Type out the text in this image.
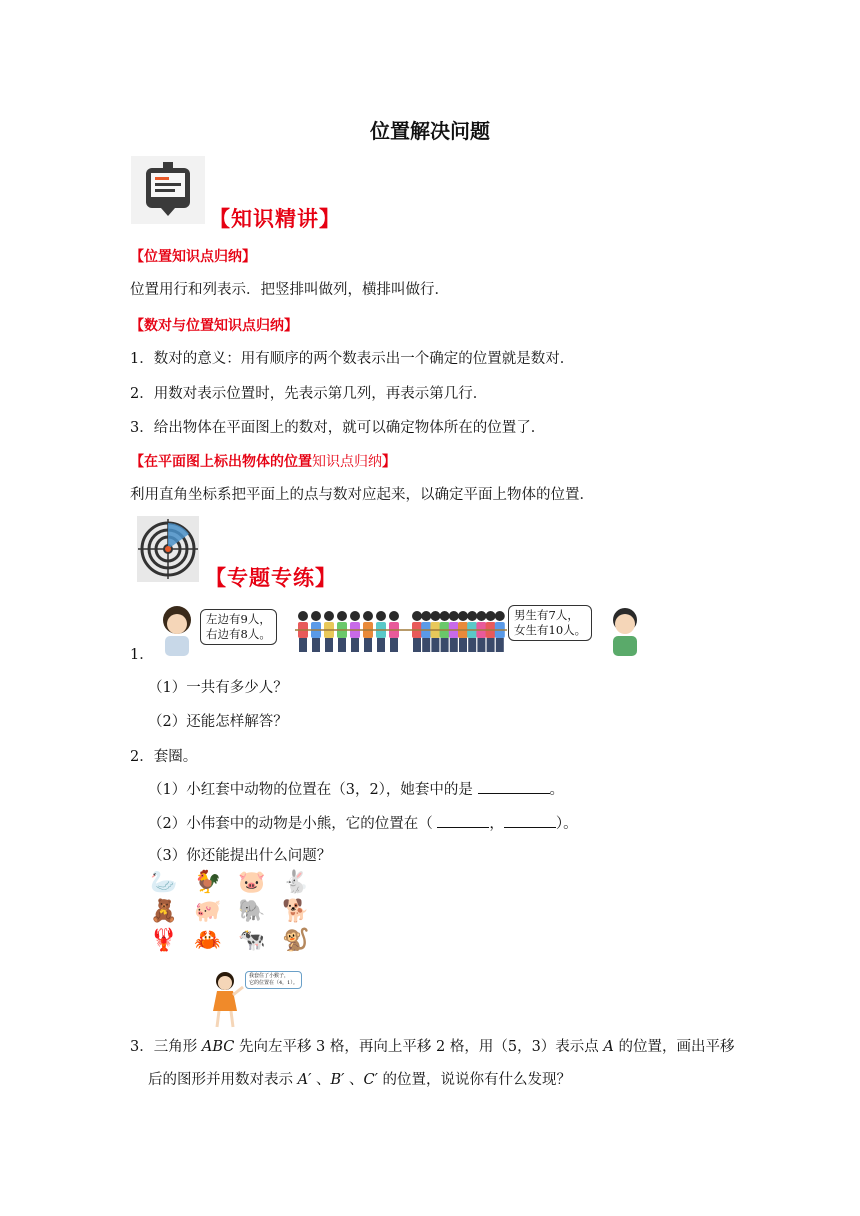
位置解决问题
【知识精讲】
【位置知识点归纳】
位置用行和列表示．把竖排叫做列，横排叫做行．
【数对与位置知识点归纳】
1．数对的意义：用有顺序的两个数表示出一个确定的位置就是数对．
2．用数对表示位置时，先表示第几列，再表示第几行．
3．给出物体在平面图上的数对，就可以确定物体所在的位置了．
【在平面图上标出物体的位置知识点归纳】
利用直角坐标系把平面上的点与数对应起来，以确定平面上物体的位置．
【专题专练】
1．
左边有9人，
右边有8人。
男生有7人，
女生有10人。
（1）一共有多少人？
（2）还能怎样解答？
2．套圈。
（1）小红套中动物的位置在（3，2），她套中的是	。
（2）小伟套中的动物是小熊，它的位置在（	，	）。
（3）你还能提出什么问题？
🦢 🐓 🐷 🐇
🧸 🐖 🐘 🐕
🦞 🦀 🐄 🐒
我套住了小猴子，
它的位置在（4，1）。
3．三角形 ABC 先向左平移 3 格，再向上平移 2 格，用（5，3）表示点 A 的位置，画出平移
后的图形并用数对表示 A′ 、B′ 、C′ 的位置，说说你有什么发现？
